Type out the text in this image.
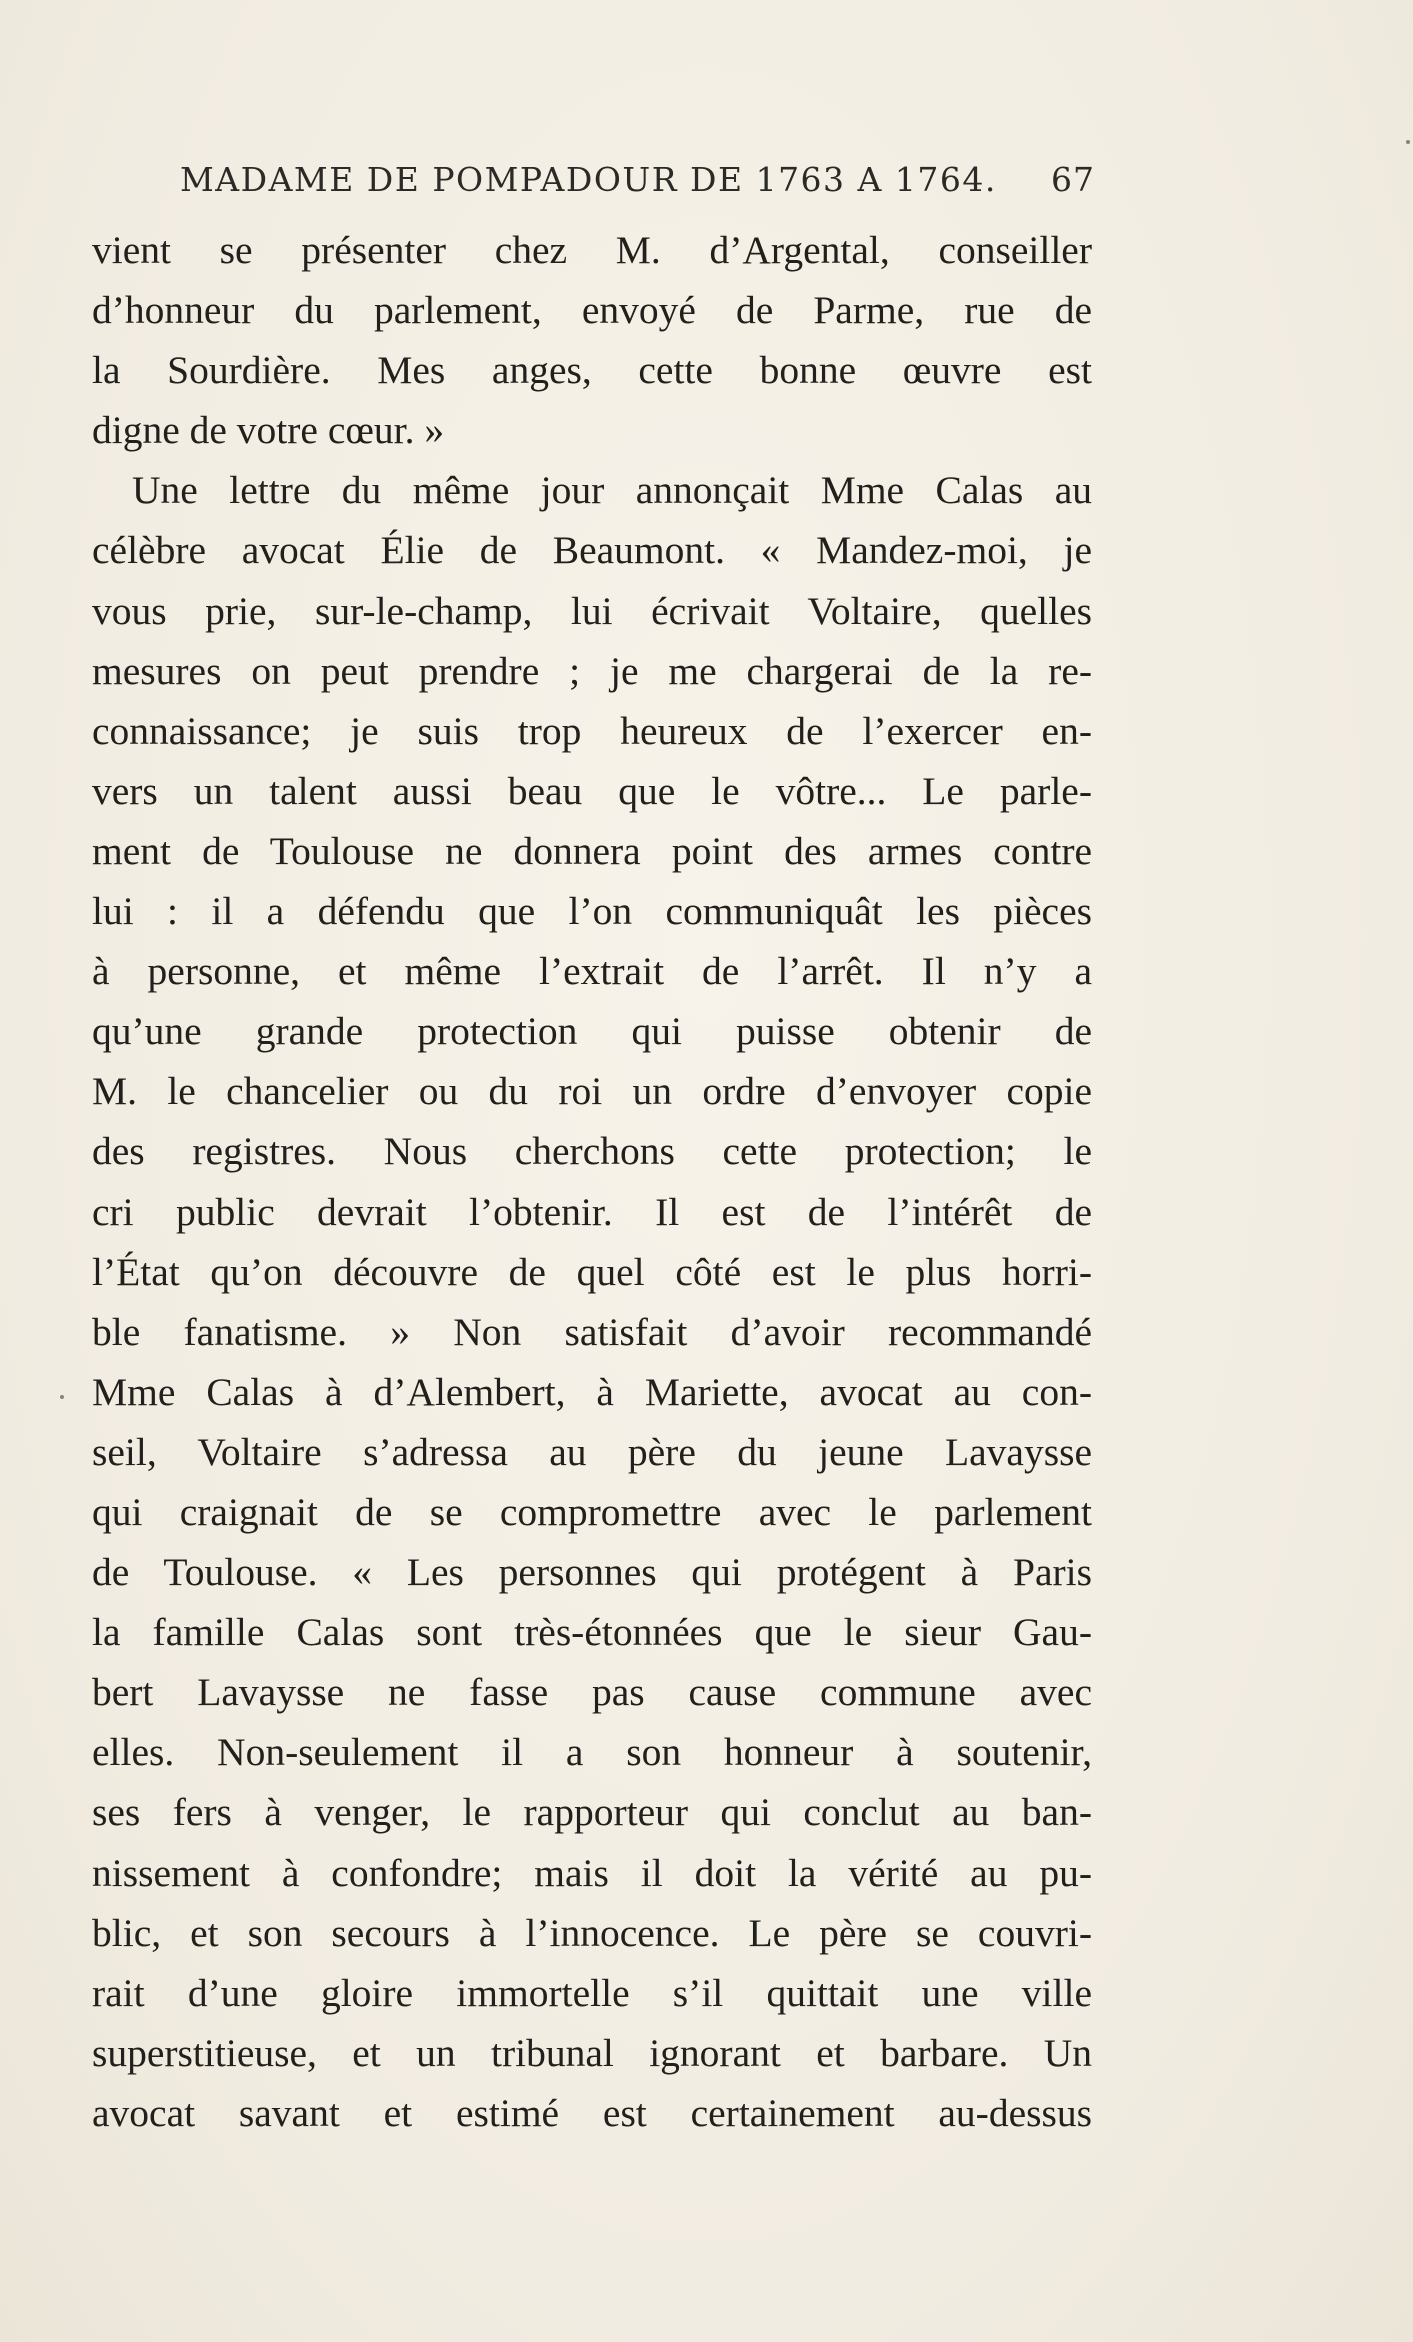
MADAME DE POMPADOUR DE 1763 A 1764. 67
vient se présenter chez M. d’Argental, conseiller
d’honneur du parlement, envoyé de Parme, rue de
la Sourdière. Mes anges, cette bonne œuvre est
digne de votre cœur. »
Une lettre du même jour annonçait Mme Calas au
célèbre avocat Élie de Beaumont. « Mandez-moi, je
vous prie, sur-le-champ, lui écrivait Voltaire, quelles
mesures on peut prendre ; je me chargerai de la re-
connaissance; je suis trop heureux de l’exercer en-
vers un talent aussi beau que le vôtre... Le parle-
ment de Toulouse ne donnera point des armes contre
lui : il a défendu que l’on communiquât les pièces
à personne, et même l’extrait de l’arrêt. Il n’y a
qu’une grande protection qui puisse obtenir de
M. le chancelier ou du roi un ordre d’envoyer copie
des registres. Nous cherchons cette protection; le
cri public devrait l’obtenir. Il est de l’intérêt de
l’État qu’on découvre de quel côté est le plus horri-
ble fanatisme. » Non satisfait d’avoir recommandé
Mme Calas à d’Alembert, à Mariette, avocat au con-
seil, Voltaire s’adressa au père du jeune Lavaysse
qui craignait de se compromettre avec le parlement
de Toulouse. « Les personnes qui protégent à Paris
la famille Calas sont très-étonnées que le sieur Gau-
bert Lavaysse ne fasse pas cause commune avec
elles. Non-seulement il a son honneur à soutenir,
ses fers à venger, le rapporteur qui conclut au ban-
nissement à confondre; mais il doit la vérité au pu-
blic, et son secours à l’innocence. Le père se couvri-
rait d’une gloire immortelle s’il quittait une ville
superstitieuse, et un tribunal ignorant et barbare. Un
avocat savant et estimé est certainement au-dessus
